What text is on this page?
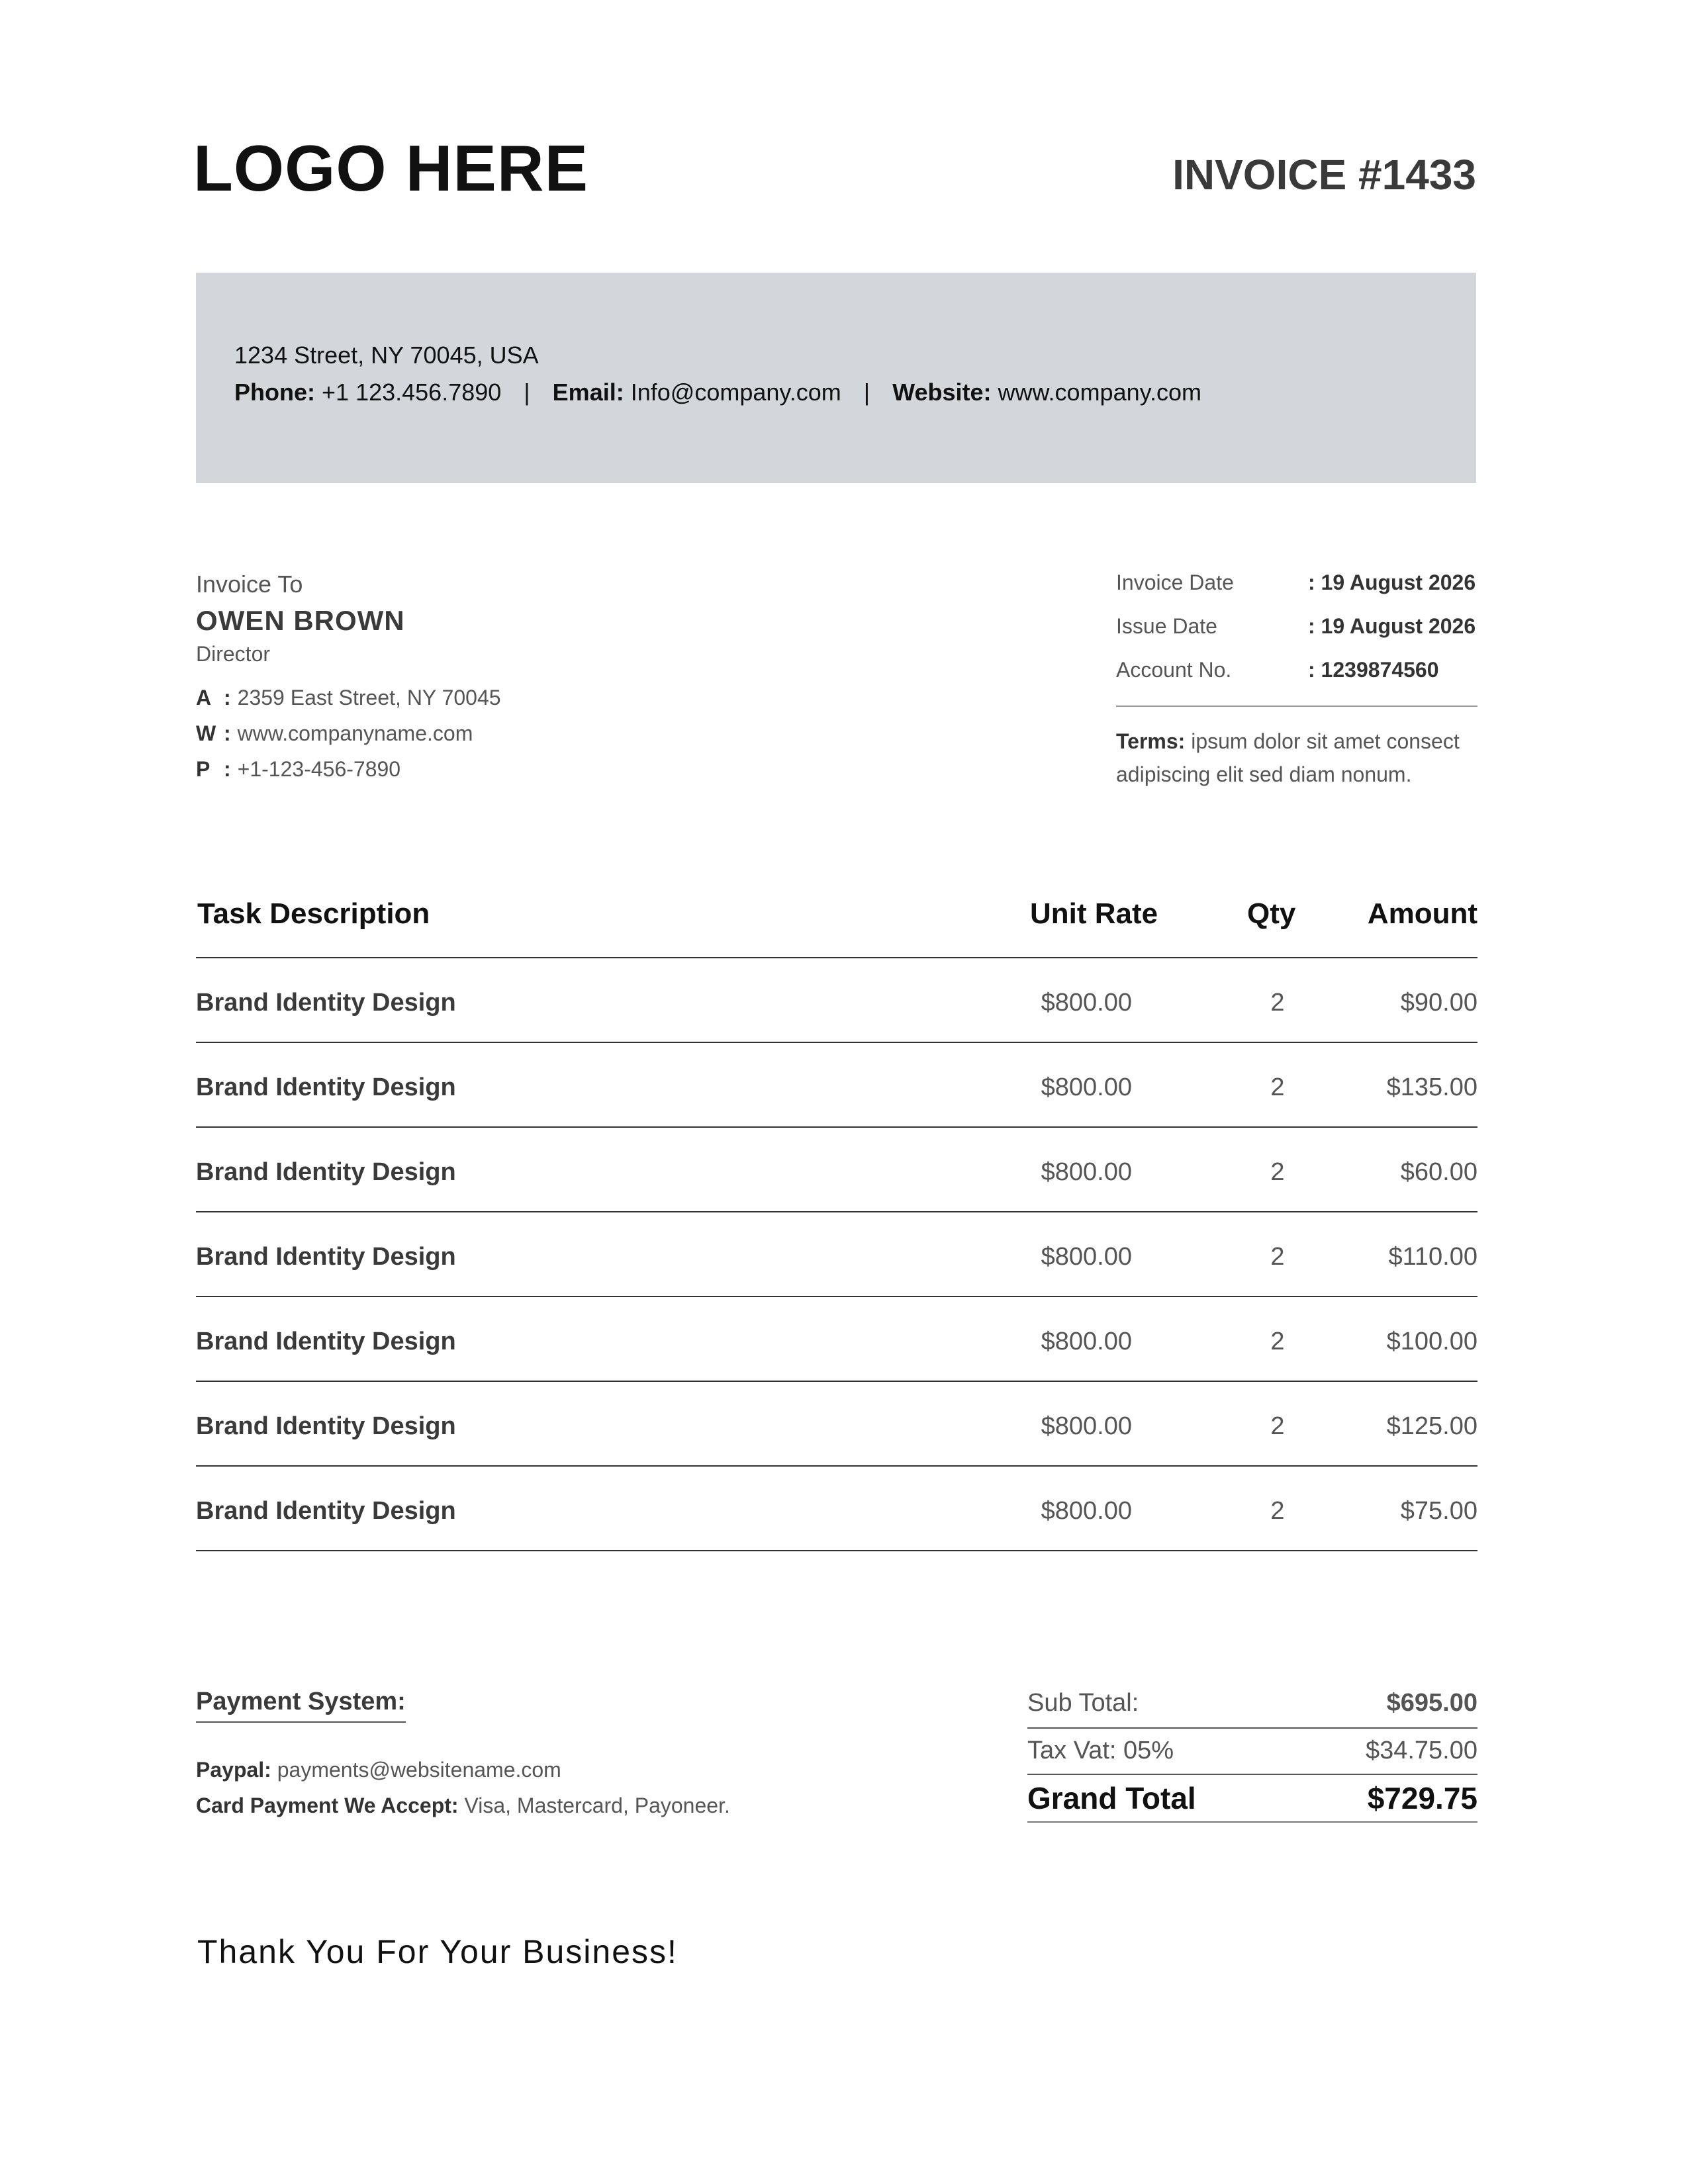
LOGO HERE	INVOICE #1433
1234 Street, NY 70045, USA
Phone: +1 123.456.7890 | Email: Info@company.com | Website: www.company.com
Invoice To
OWEN BROWN
Director
A : 2359 East Street, NY 70045
W : www.companyname.com
P : +1-123-456-7890
Invoice Date	: 19 August 2026
Issue Date	: 19 August 2026
Account No.	: 1239874560
Terms: ipsum dolor sit amet consect adipiscing elit sed diam nonum.
Task Description	Unit Rate	Qty Amount
Brand Identity Design	$800.00	2	$90.00
Brand Identity Design	$800.00	2	$135.00
Brand Identity Design	$800.00	2	$60.00
Brand Identity Design	$800.00	2	$110.00
Brand Identity Design	$800.00	2	$100.00
Brand Identity Design	$800.00	2	$125.00
Brand Identity Design	$800.00	2	$75.00
Payment System:
Paypal: payments@websitename.com
Card Payment We Accept: Visa, Mastercard, Payoneer.
Sub Total:	$695.00
Tax Vat: 05%	$34.75.00
Grand Total	$729.75
Thank You For Your Business!
